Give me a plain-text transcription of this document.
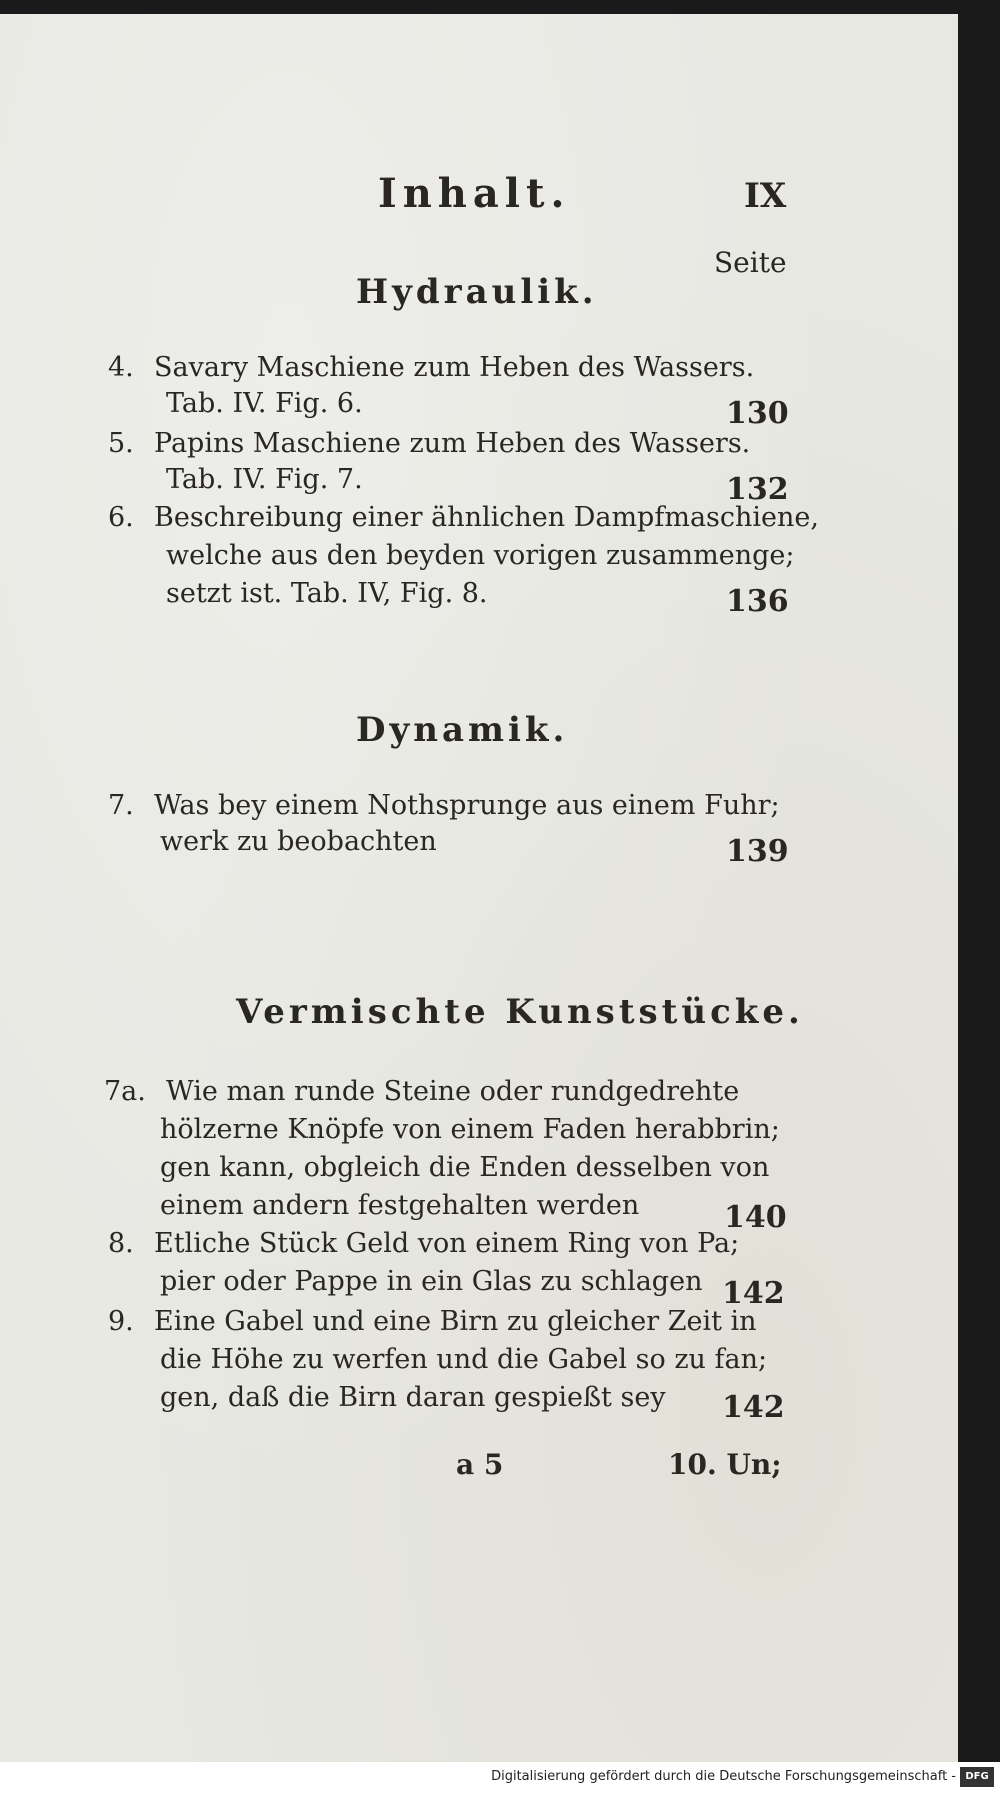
Inhalt.	IX
Seite
Hydraulik.
4. Savary Maschiene zum Heben des Wassers.
Tab. IV. Fig. 6.	130
5. Papins Maschiene zum Heben des Wassers.
Tab. IV. Fig. 7.	132
6. Beschreibung einer ähnlichen Dampfmaschiene,
welche aus den beyden vorigen zusammenge;
setzt ist. Tab. IV, Fig. 8.	136
Dynamik.
7. Was bey einem Nothsprunge aus einem Fuhr;
werk zu beobachten	139
Vermischte Kunststücke.
7a. Wie man runde Steine oder rundgedrehte
hölzerne Knöpfe von einem Faden herabbrin;
gen kann, obgleich die Enden desselben von
einem andern festgehalten werden	140
8. Etliche Stück Geld von einem Ring von Pa;
pier oder Pappe in ein Glas zu schlagen 142
9. Eine Gabel und eine Birn zu gleicher Zeit in
die Höhe zu werfen und die Gabel so zu fan;
gen, daß die Birn daran gespießt sey 142
a 5	10. Un;
Digitalisierung gefördert durch die Deutsche Forschungsgemeinschaft - DFG
